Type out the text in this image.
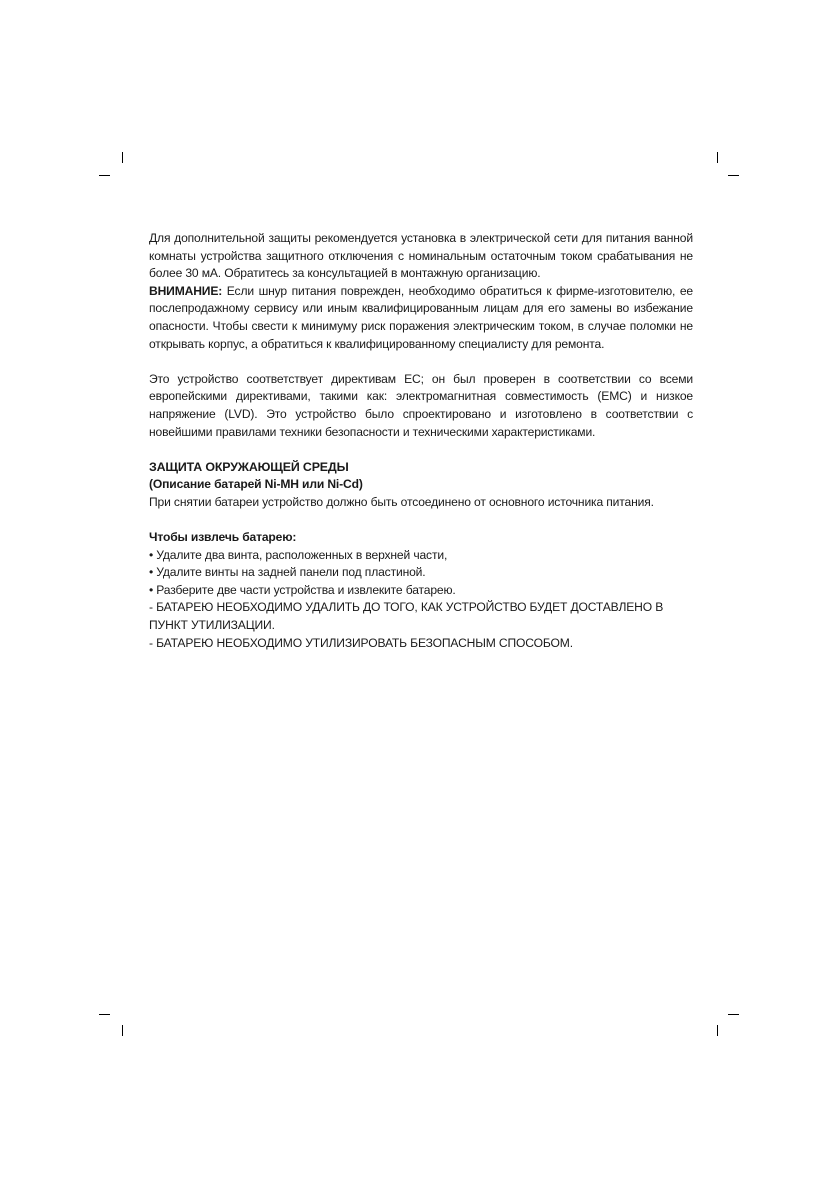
Для дополнительной защиты рекомендуется установка в электрической сети для питания ванной комнаты устройства защитного отключения с номинальным остаточным током срабатывания не более 30 мА. Обратитесь за консультацией в монтажную организацию.

ВНИМАНИЕ: Если шнур питания поврежден, необходимо обратиться к фирме-изготовителю, ее послепродажному сервису или иным квалифицированным лицам для его замены во избежание опасности. Чтобы свести к минимуму риск поражения электрическим током, в случае поломки не открывать корпус, а обратиться к квалифицированному специалисту для ремонта.

Это устройство соответствует директивам ЕС; он был проверен в соответствии со всеми европейскими директивами, такими как: электромагнитная совместимость (EMC) и низкое напряжение (LVD). Это устройство было спроектировано и изготовлено в соответствии с новейшими правилами техники безопасности и техническими характеристиками.

ЗАЩИТА ОКРУЖАЮЩЕЙ СРЕДЫ

(Описание батарей Ni-MH или Ni-Cd)

При снятии батареи устройство должно быть отсоединено от основного источника питания.

Чтобы извлечь батарею:

• Удалите два винта, расположенных в верхней части,

• Удалите винты на задней панели под пластиной.

• Разберите две части устройства и извлеките батарею.

- БАТАРЕЮ НЕОБХОДИМО УДАЛИТЬ ДО ТОГО, КАК УСТРОЙСТВО БУДЕТ ДОСТАВЛЕНО В ПУНКТ УТИЛИЗАЦИИ.

- БАТАРЕЮ НЕОБХОДИМО УТИЛИЗИРОВАТЬ БЕЗОПАСНЫМ СПОСОБОМ.
